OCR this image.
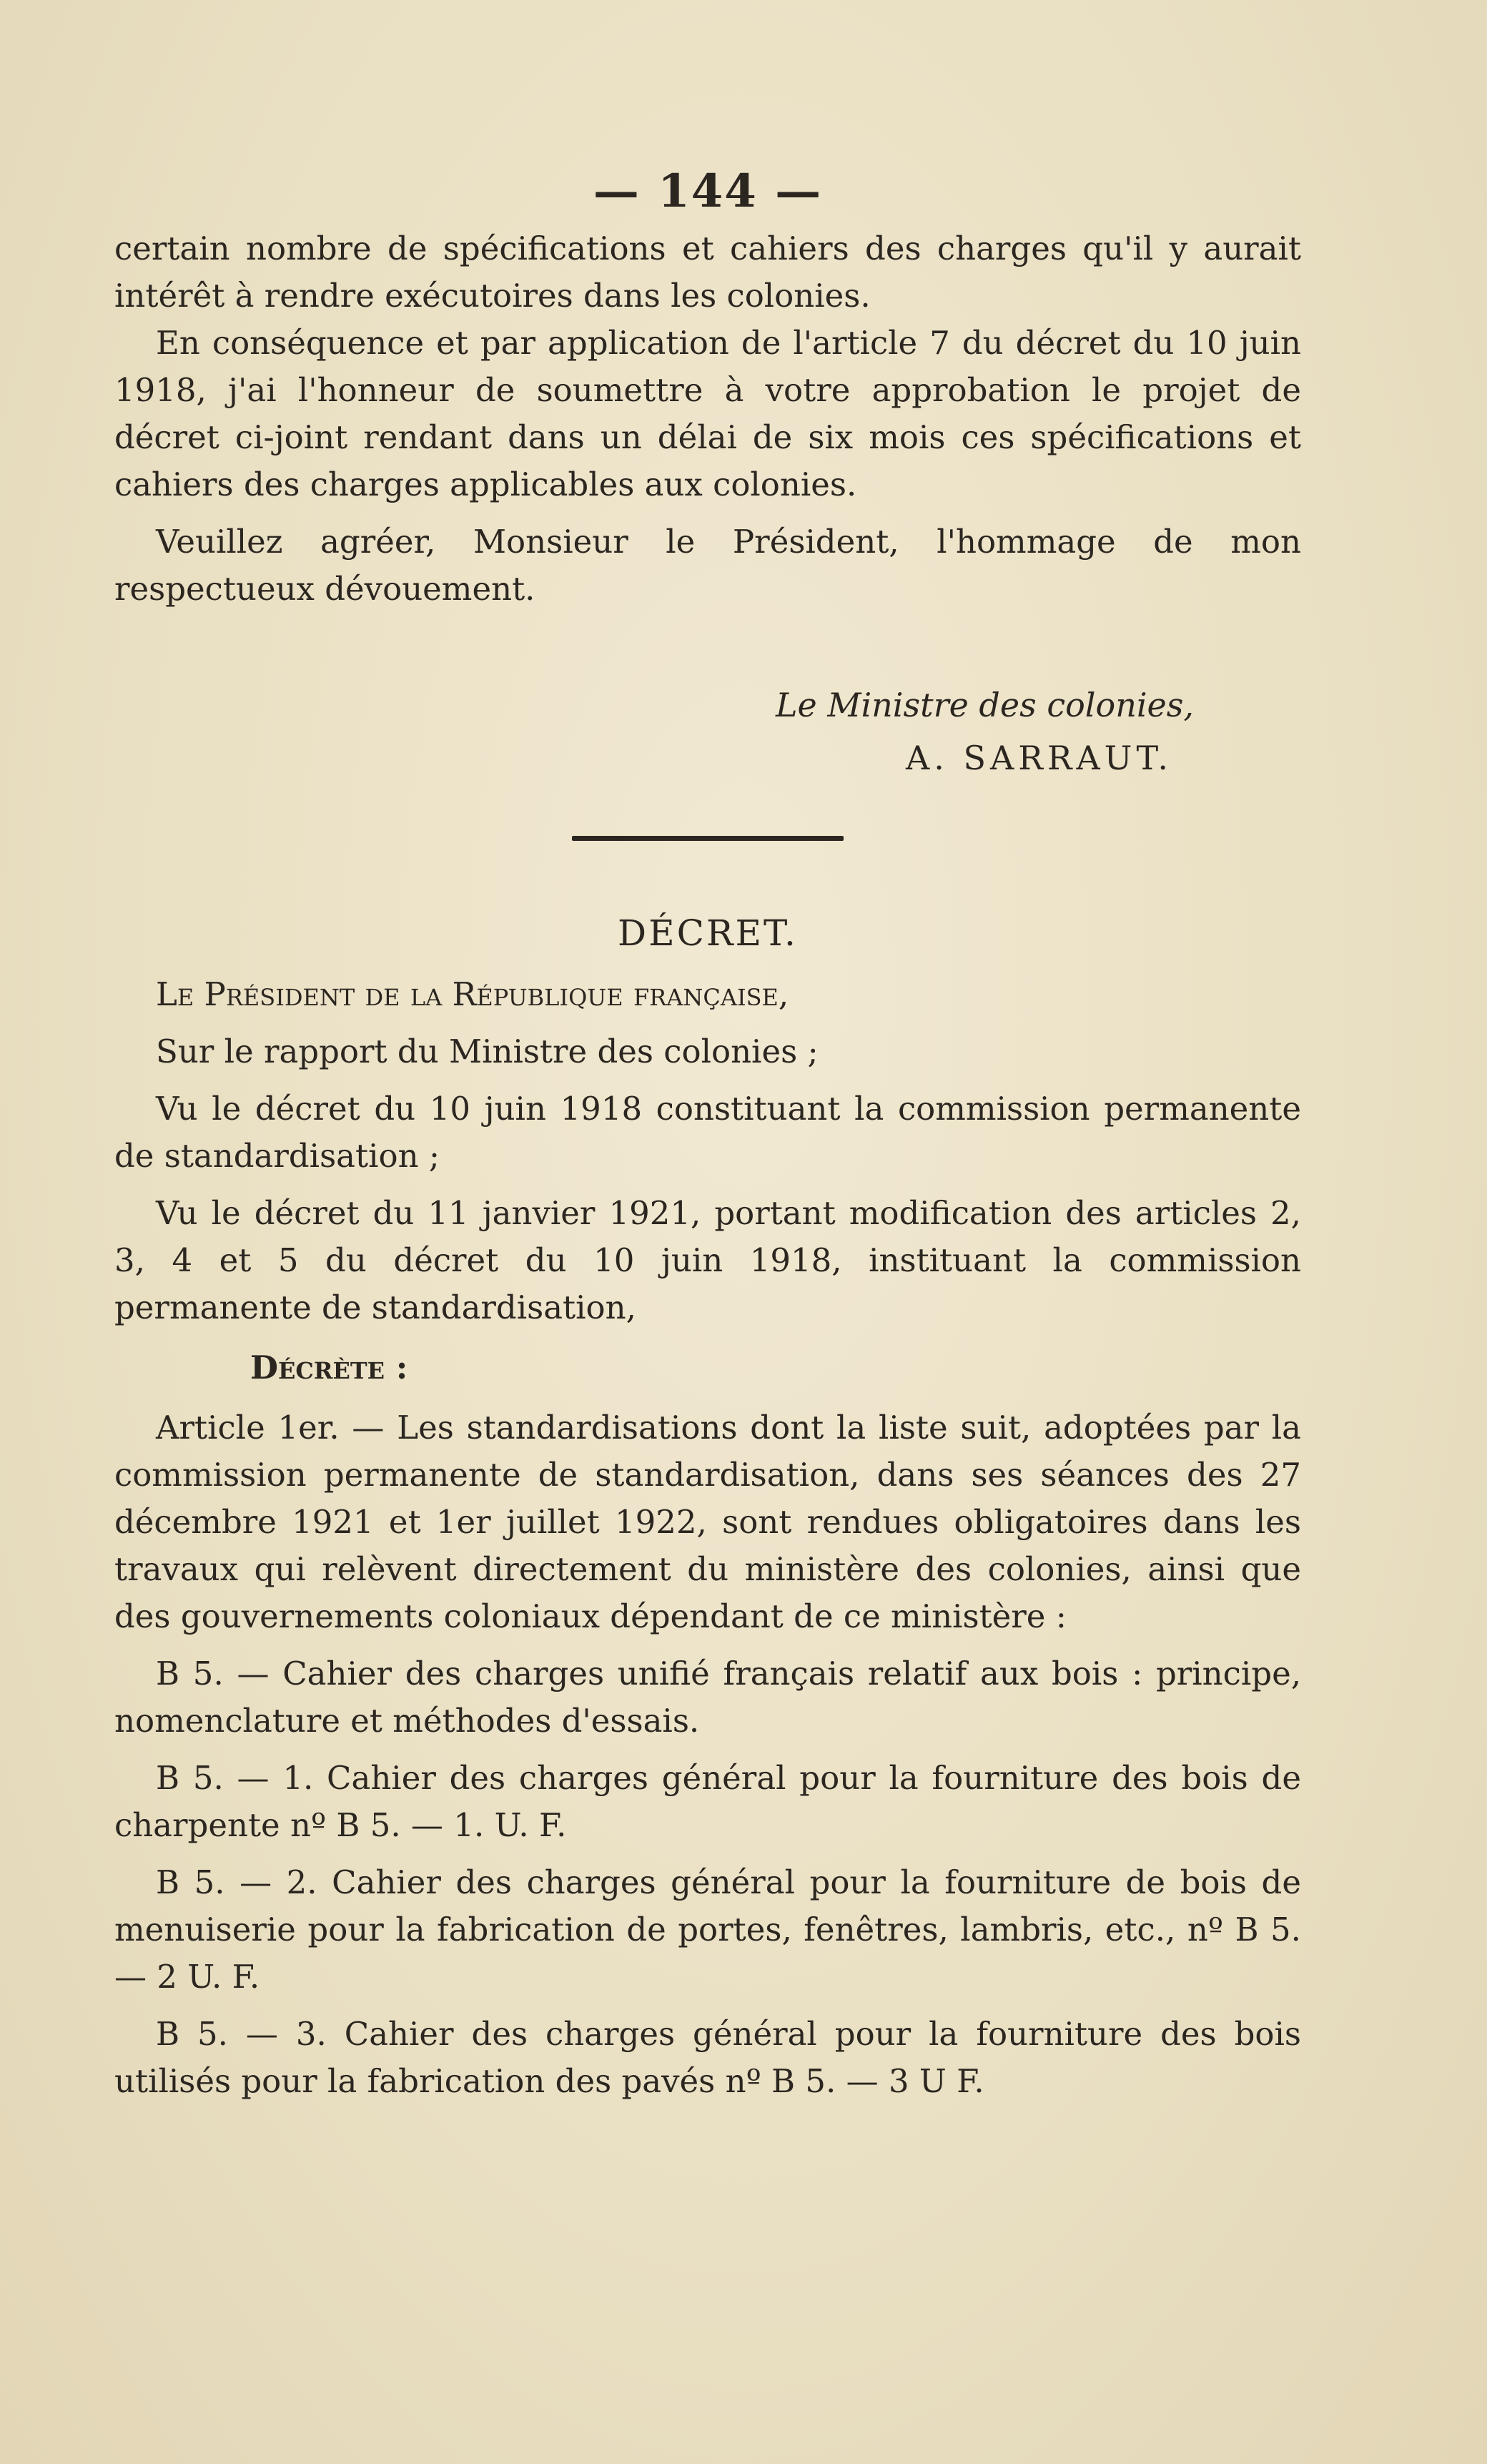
— 144 —

certain nombre de spécifications et cahiers des charges qu'il y aurait intérêt à rendre exécutoires dans les colonies.

En conséquence et par application de l'article 7 du décret du 10 juin 1918, j'ai l'honneur de soumettre à votre approbation le projet de décret ci-joint rendant dans un délai de six mois ces spécifications et cahiers des charges applicables aux colonies.

Veuillez agréer, Monsieur le Président, l'hommage de mon respectueux dévouement.

Le Ministre des colonies,
A. SARRAUT.
DÉCRET.

Le Président de la République française,

Sur le rapport du Ministre des colonies ;

Vu le décret du 10 juin 1918 constituant la commission permanente de standardisation ;

Vu le décret du 11 janvier 1921, portant modification des articles 2, 3, 4 et 5 du décret du 10 juin 1918, instituant la commission permanente de standardisation,

Décrète :

Article 1er. — Les standardisations dont la liste suit, adoptées par la commission permanente de standardisation, dans ses séances des 27 décembre 1921 et 1er juillet 1922, sont rendues obligatoires dans les travaux qui relèvent directement du ministère des colonies, ainsi que des gouvernements coloniaux dépendant de ce ministère :

B 5. — Cahier des charges unifié français relatif aux bois : principe, nomenclature et méthodes d'essais.

B 5. — 1. Cahier des charges général pour la fourniture des bois de charpente nº B 5. — 1. U. F.

B 5. — 2. Cahier des charges général pour la fourniture de bois de menuiserie pour la fabrication de portes, fenêtres, lambris, etc., nº B 5. — 2 U. F.

B 5. — 3. Cahier des charges général pour la fourniture des bois utilisés pour la fabrication des pavés nº B 5. — 3 U F.
